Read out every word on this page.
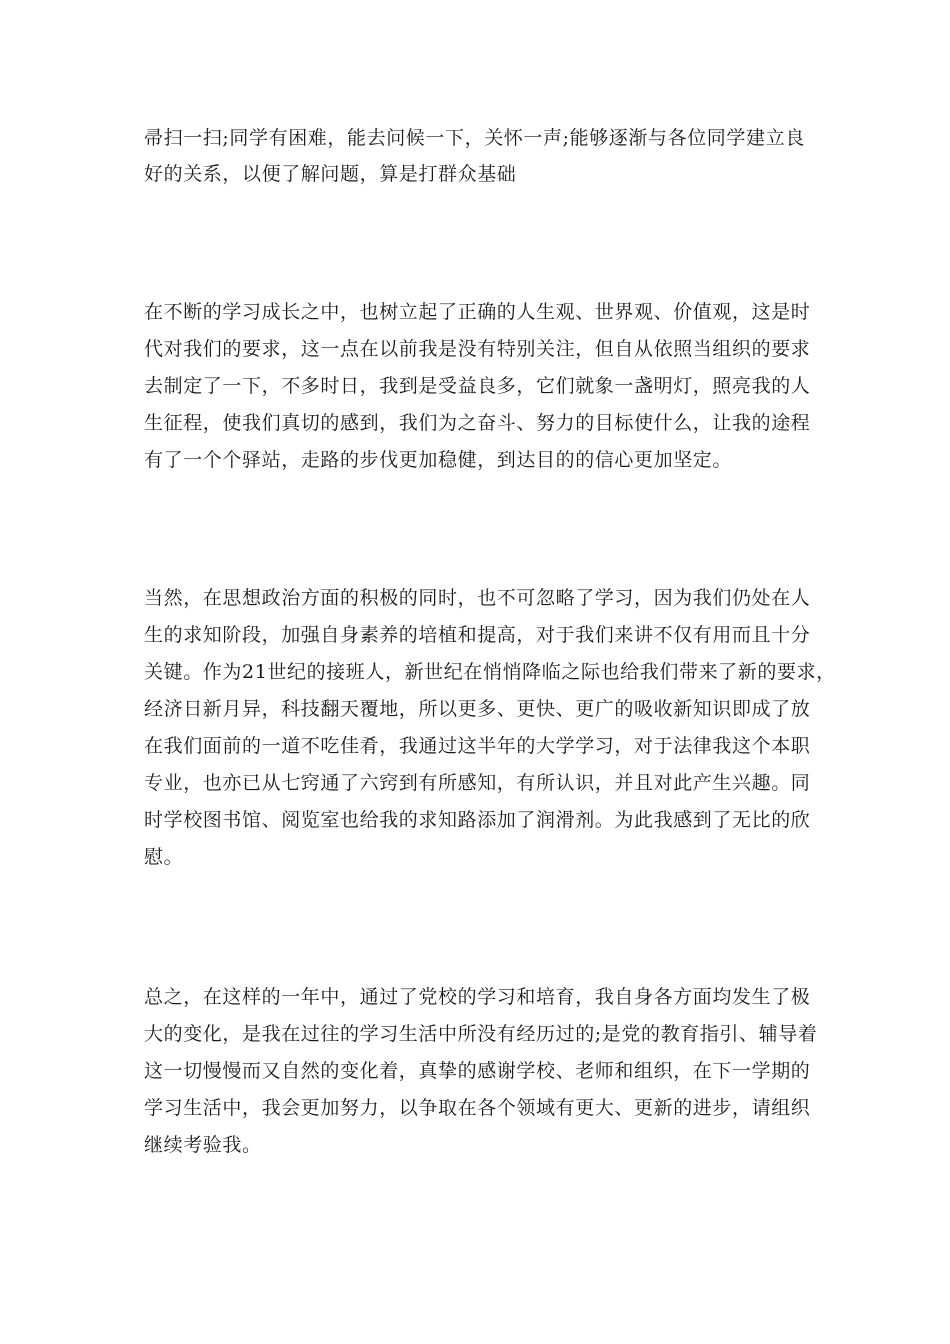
帚扫一扫;同学有困难，能去问候一下，关怀一声;能够逐渐与各位同学建立良
好的关系，以便了解问题，算是打群众基础
在不断的学习成长之中，也树立起了正确的人生观、世界观、价值观，这是时
代对我们的要求，这一点在以前我是没有特别关注，但自从依照当组织的要求
去制定了一下，不多时日，我到是受益良多，它们就象一盏明灯，照亮我的人
生征程，使我们真切的感到，我们为之奋斗、努力的目标使什么，让我的途程
有了一个个驿站，走路的步伐更加稳健，到达目的的信心更加坚定。
当然，在思想政治方面的积极的同时，也不可忽略了学习，因为我们仍处在人
生的求知阶段，加强自身素养的培植和提高，对于我们来讲不仅有用而且十分
关键。作为21世纪的接班人，新世纪在悄悄降临之际也给我们带来了新的要求，
经济日新月异，科技翻天覆地，所以更多、更快、更广的吸收新知识即成了放
在我们面前的一道不吃佳肴，我通过这半年的大学学习，对于法律我这个本职
专业，也亦已从七窍通了六窍到有所感知，有所认识，并且对此产生兴趣。同
时学校图书馆、阅览室也给我的求知路添加了润滑剂。为此我感到了无比的欣
慰。
总之，在这样的一年中，通过了党校的学习和培育，我自身各方面均发生了极
大的变化，是我在过往的学习生活中所没有经历过的;是党的教育指引、辅导着
这一切慢慢而又自然的变化着，真挚的感谢学校、老师和组织，在下一学期的
学习生活中，我会更加努力，以争取在各个领域有更大、更新的进步，请组织
继续考验我。
